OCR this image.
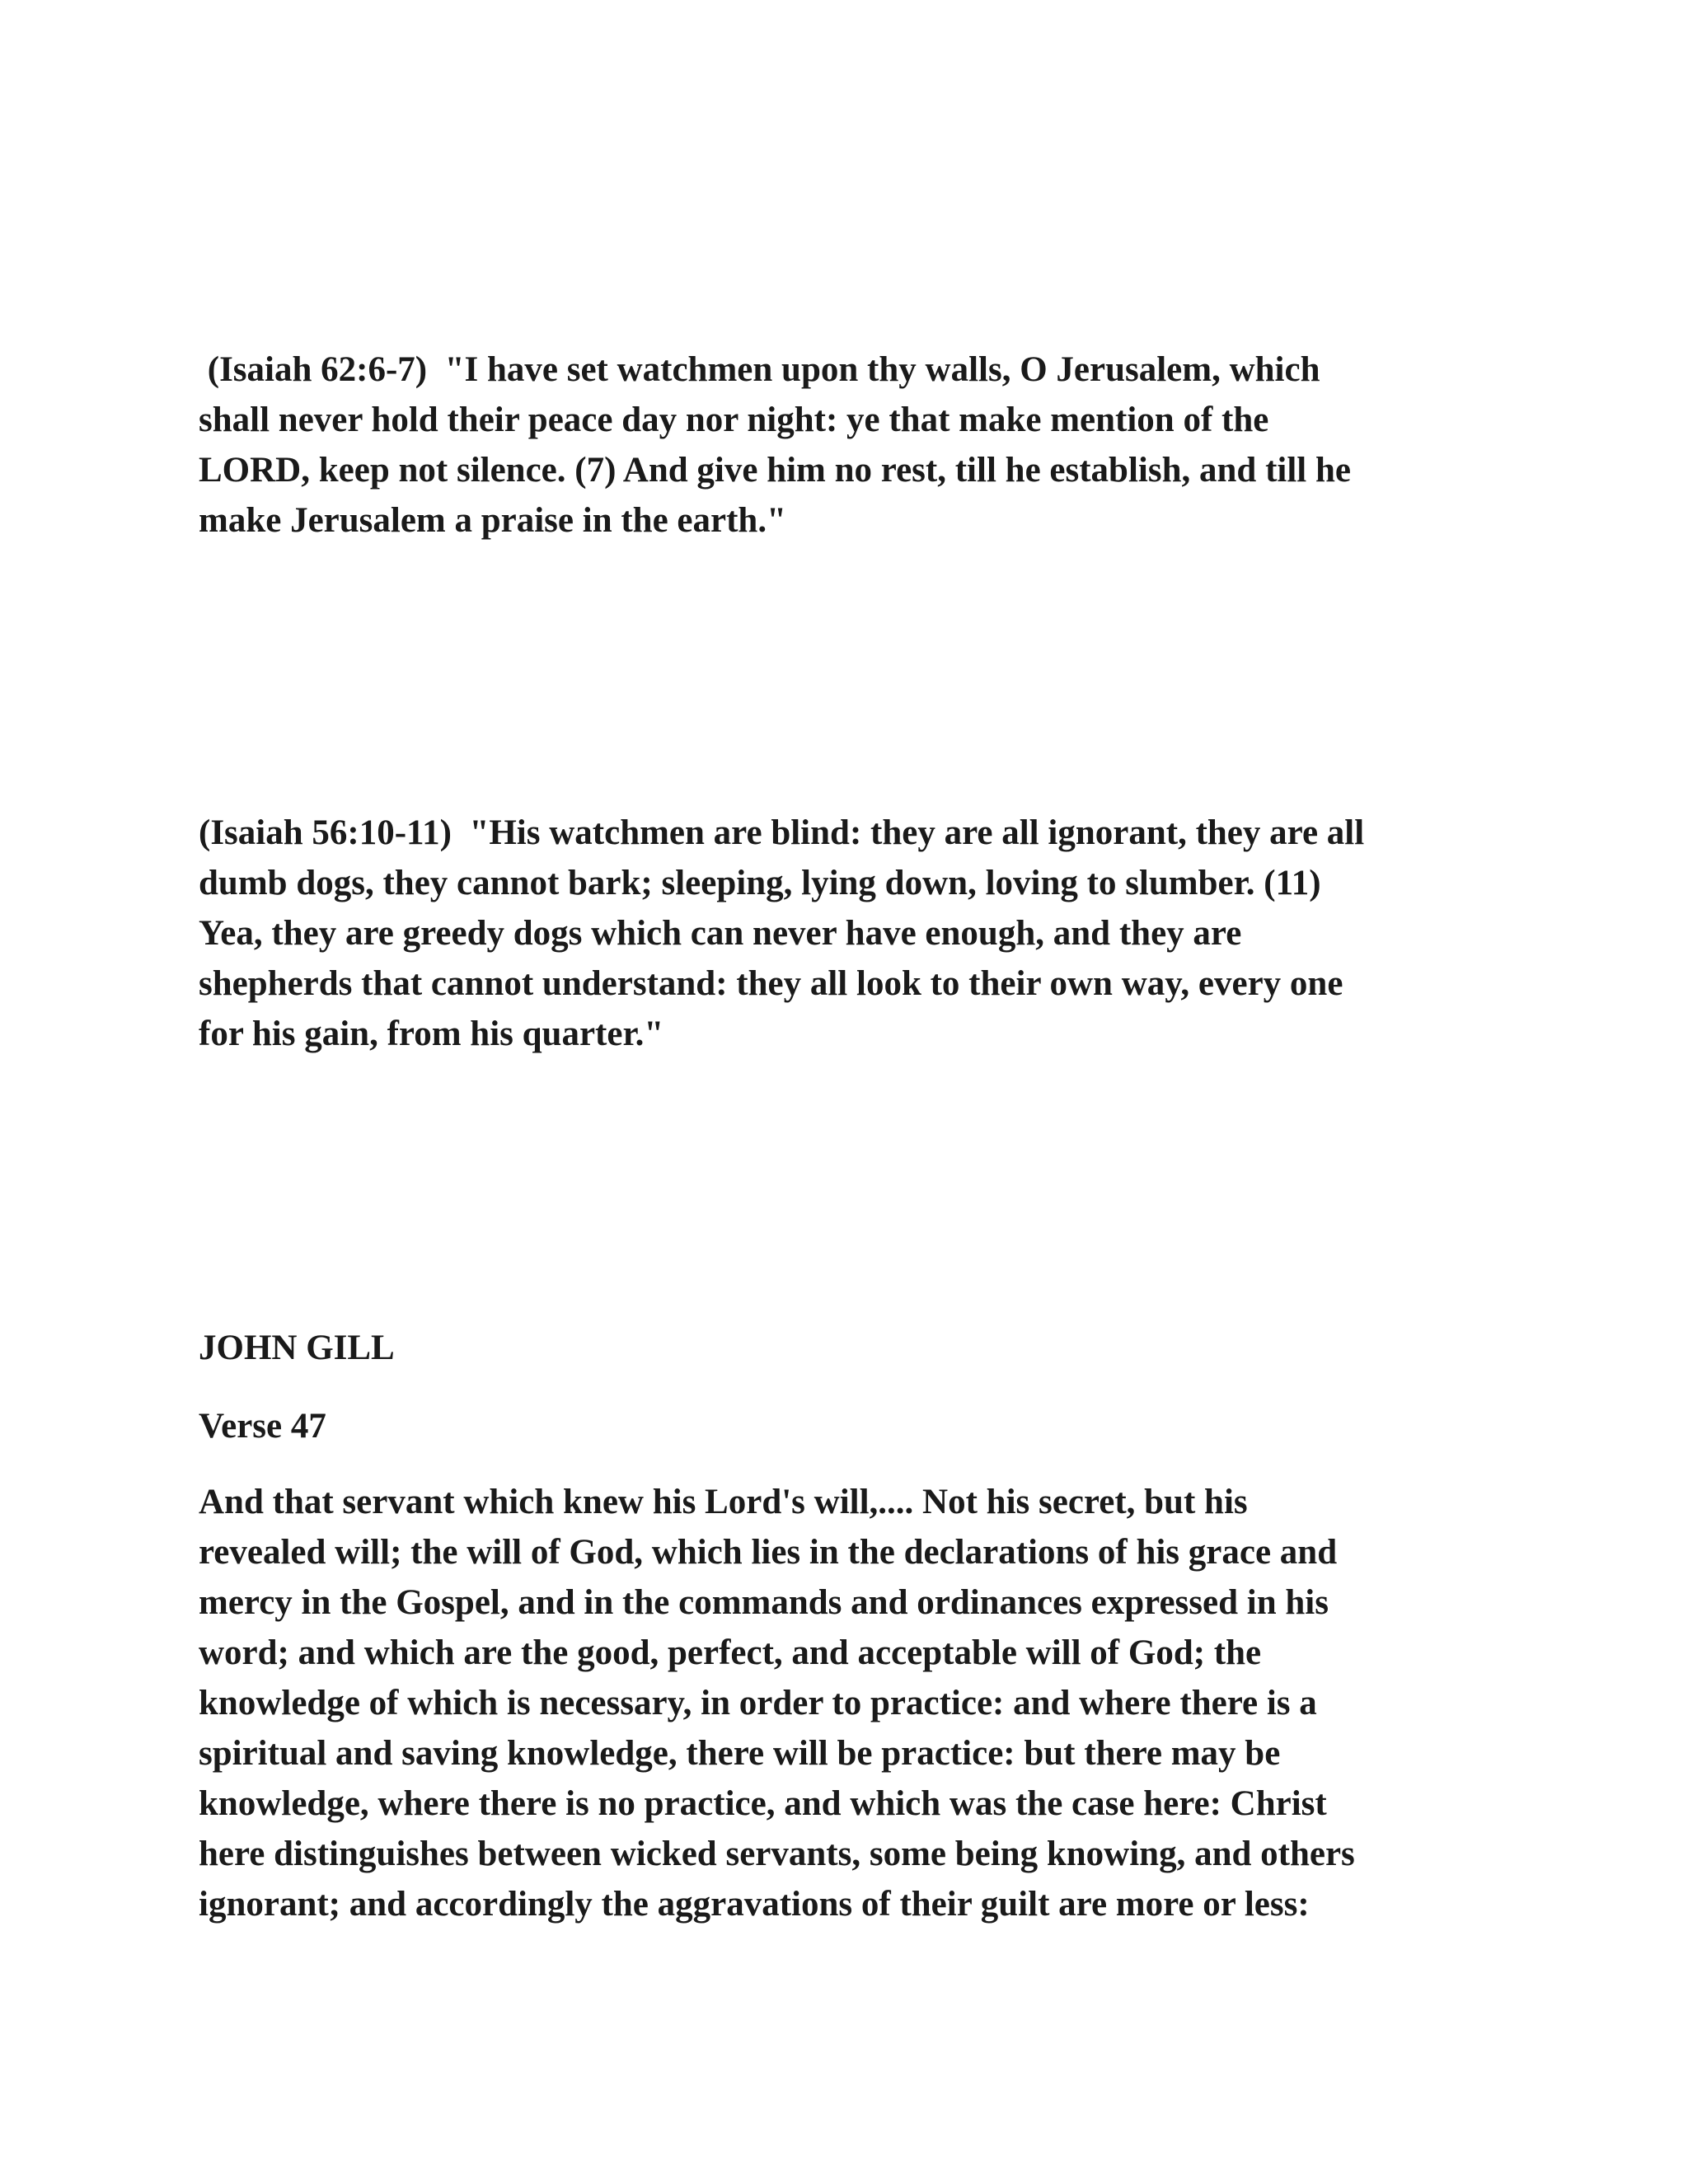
(Isaiah 62:6-7)  "I have set watchmen upon thy walls, O Jerusalem, which

shall never hold their peace day nor night: ye that make mention of the

LORD, keep not silence. (7) And give him no rest, till he establish, and till he

make Jerusalem a praise in the earth."

(Isaiah 56:10-11)  "His watchmen are blind: they are all ignorant, they are all

dumb dogs, they cannot bark; sleeping, lying down, loving to slumber. (11)

Yea, they are greedy dogs which can never have enough, and they are

shepherds that cannot understand: they all look to their own way, every one

for his gain, from his quarter."

JOHN GILL

Verse 47

And that servant which knew his Lord's will,.... Not his secret, but his

revealed will; the will of God, which lies in the declarations of his grace and

mercy in the Gospel, and in the commands and ordinances expressed in his

word; and which are the good, perfect, and acceptable will of God; the

knowledge of which is necessary, in order to practice: and where there is a

spiritual and saving knowledge, there will be practice: but there may be

knowledge, where there is no practice, and which was the case here: Christ

here distinguishes between wicked servants, some being knowing, and others

ignorant; and accordingly the aggravations of their guilt are more or less:
